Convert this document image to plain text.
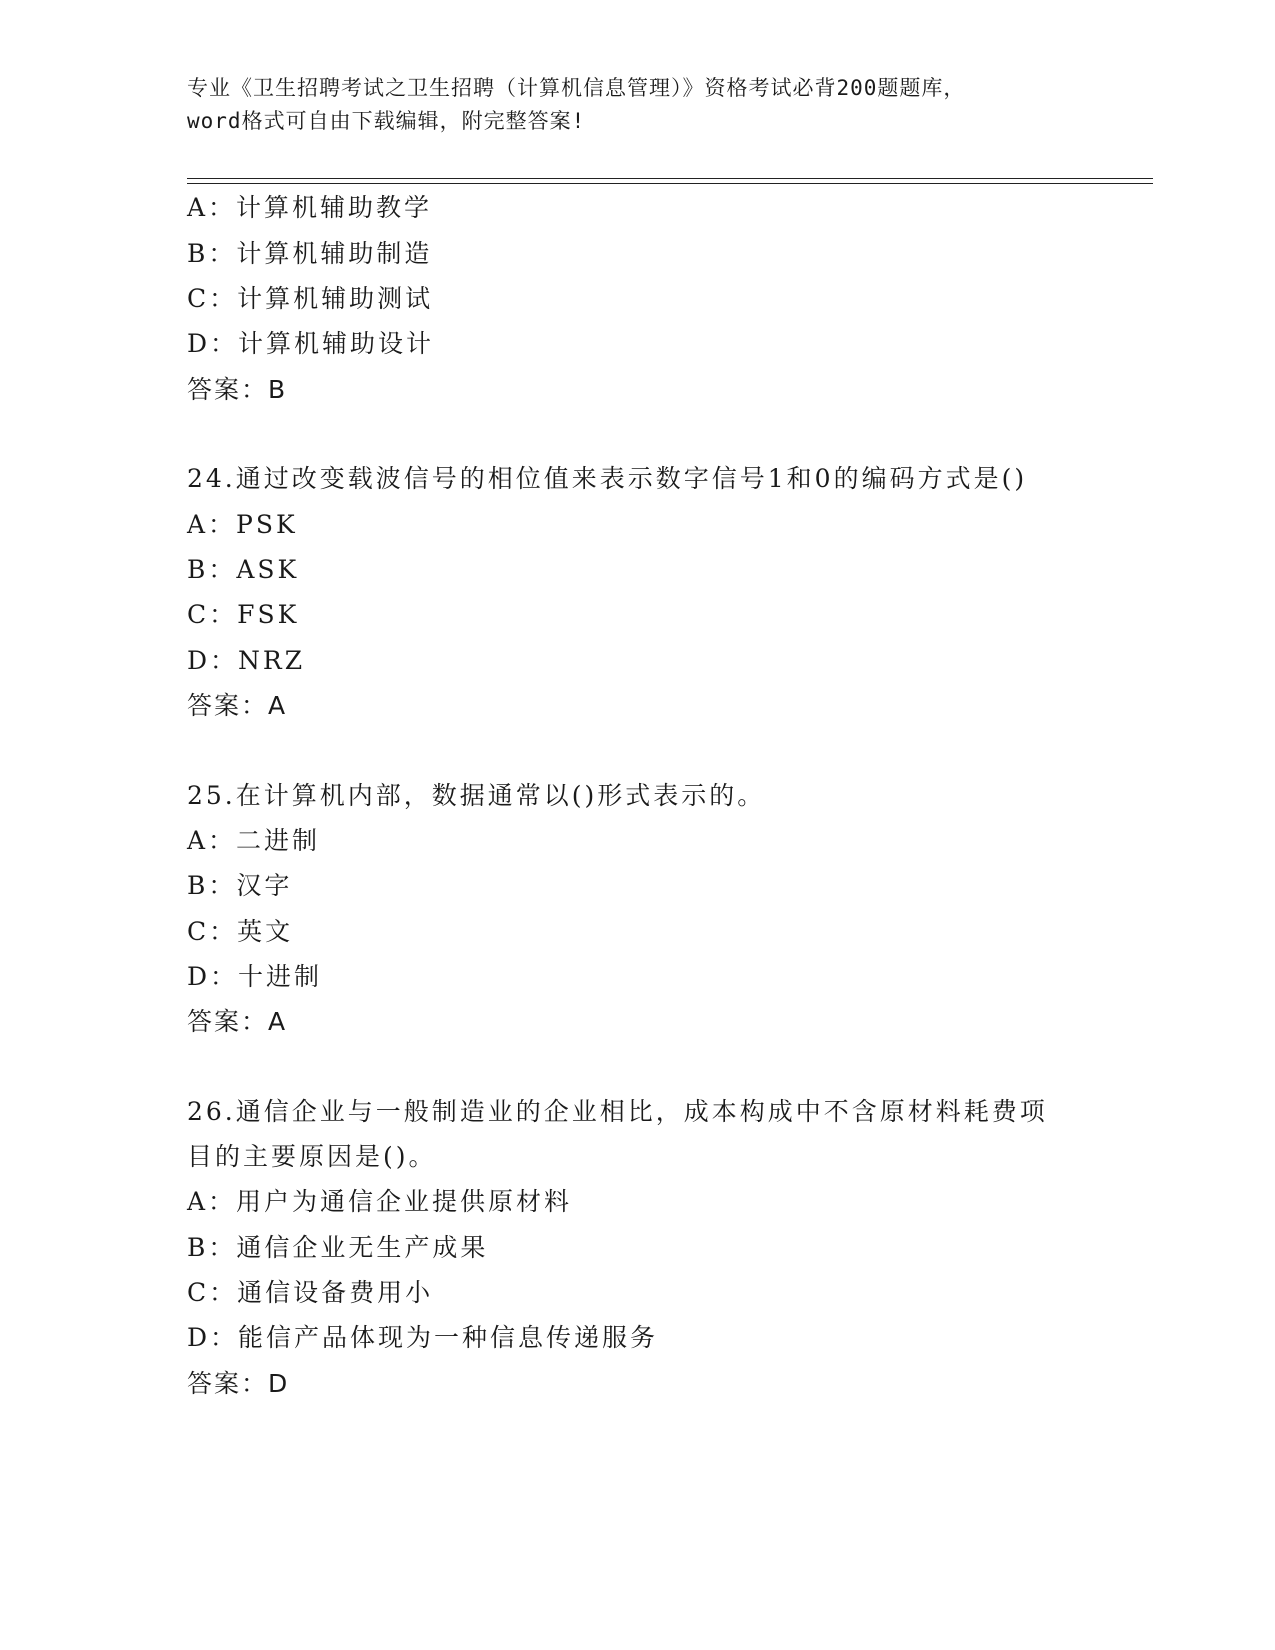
专业《卫生招聘考试之卫生招聘（计算机信息管理）》资格考试必背200题题库，
word格式可自由下载编辑，附完整答案!
A：计算机辅助教学
B：计算机辅助制造
C：计算机辅助测试
D：计算机辅助设计
答案：B
24.通过改变载波信号的相位值来表示数字信号1和0的编码方式是()
A：PSK
B：ASK
C：FSK
D：NRZ
答案：A
25.在计算机内部，数据通常以()形式表示的。
A：二进制
B：汉字
C：英文
D：十进制
答案：A
26.通信企业与一般制造业的企业相比，成本构成中不含原材料耗费项
目的主要原因是()。
A：用户为通信企业提供原材料
B：通信企业无生产成果
C：通信设备费用小
D：能信产品体现为一种信息传递服务
答案：D
